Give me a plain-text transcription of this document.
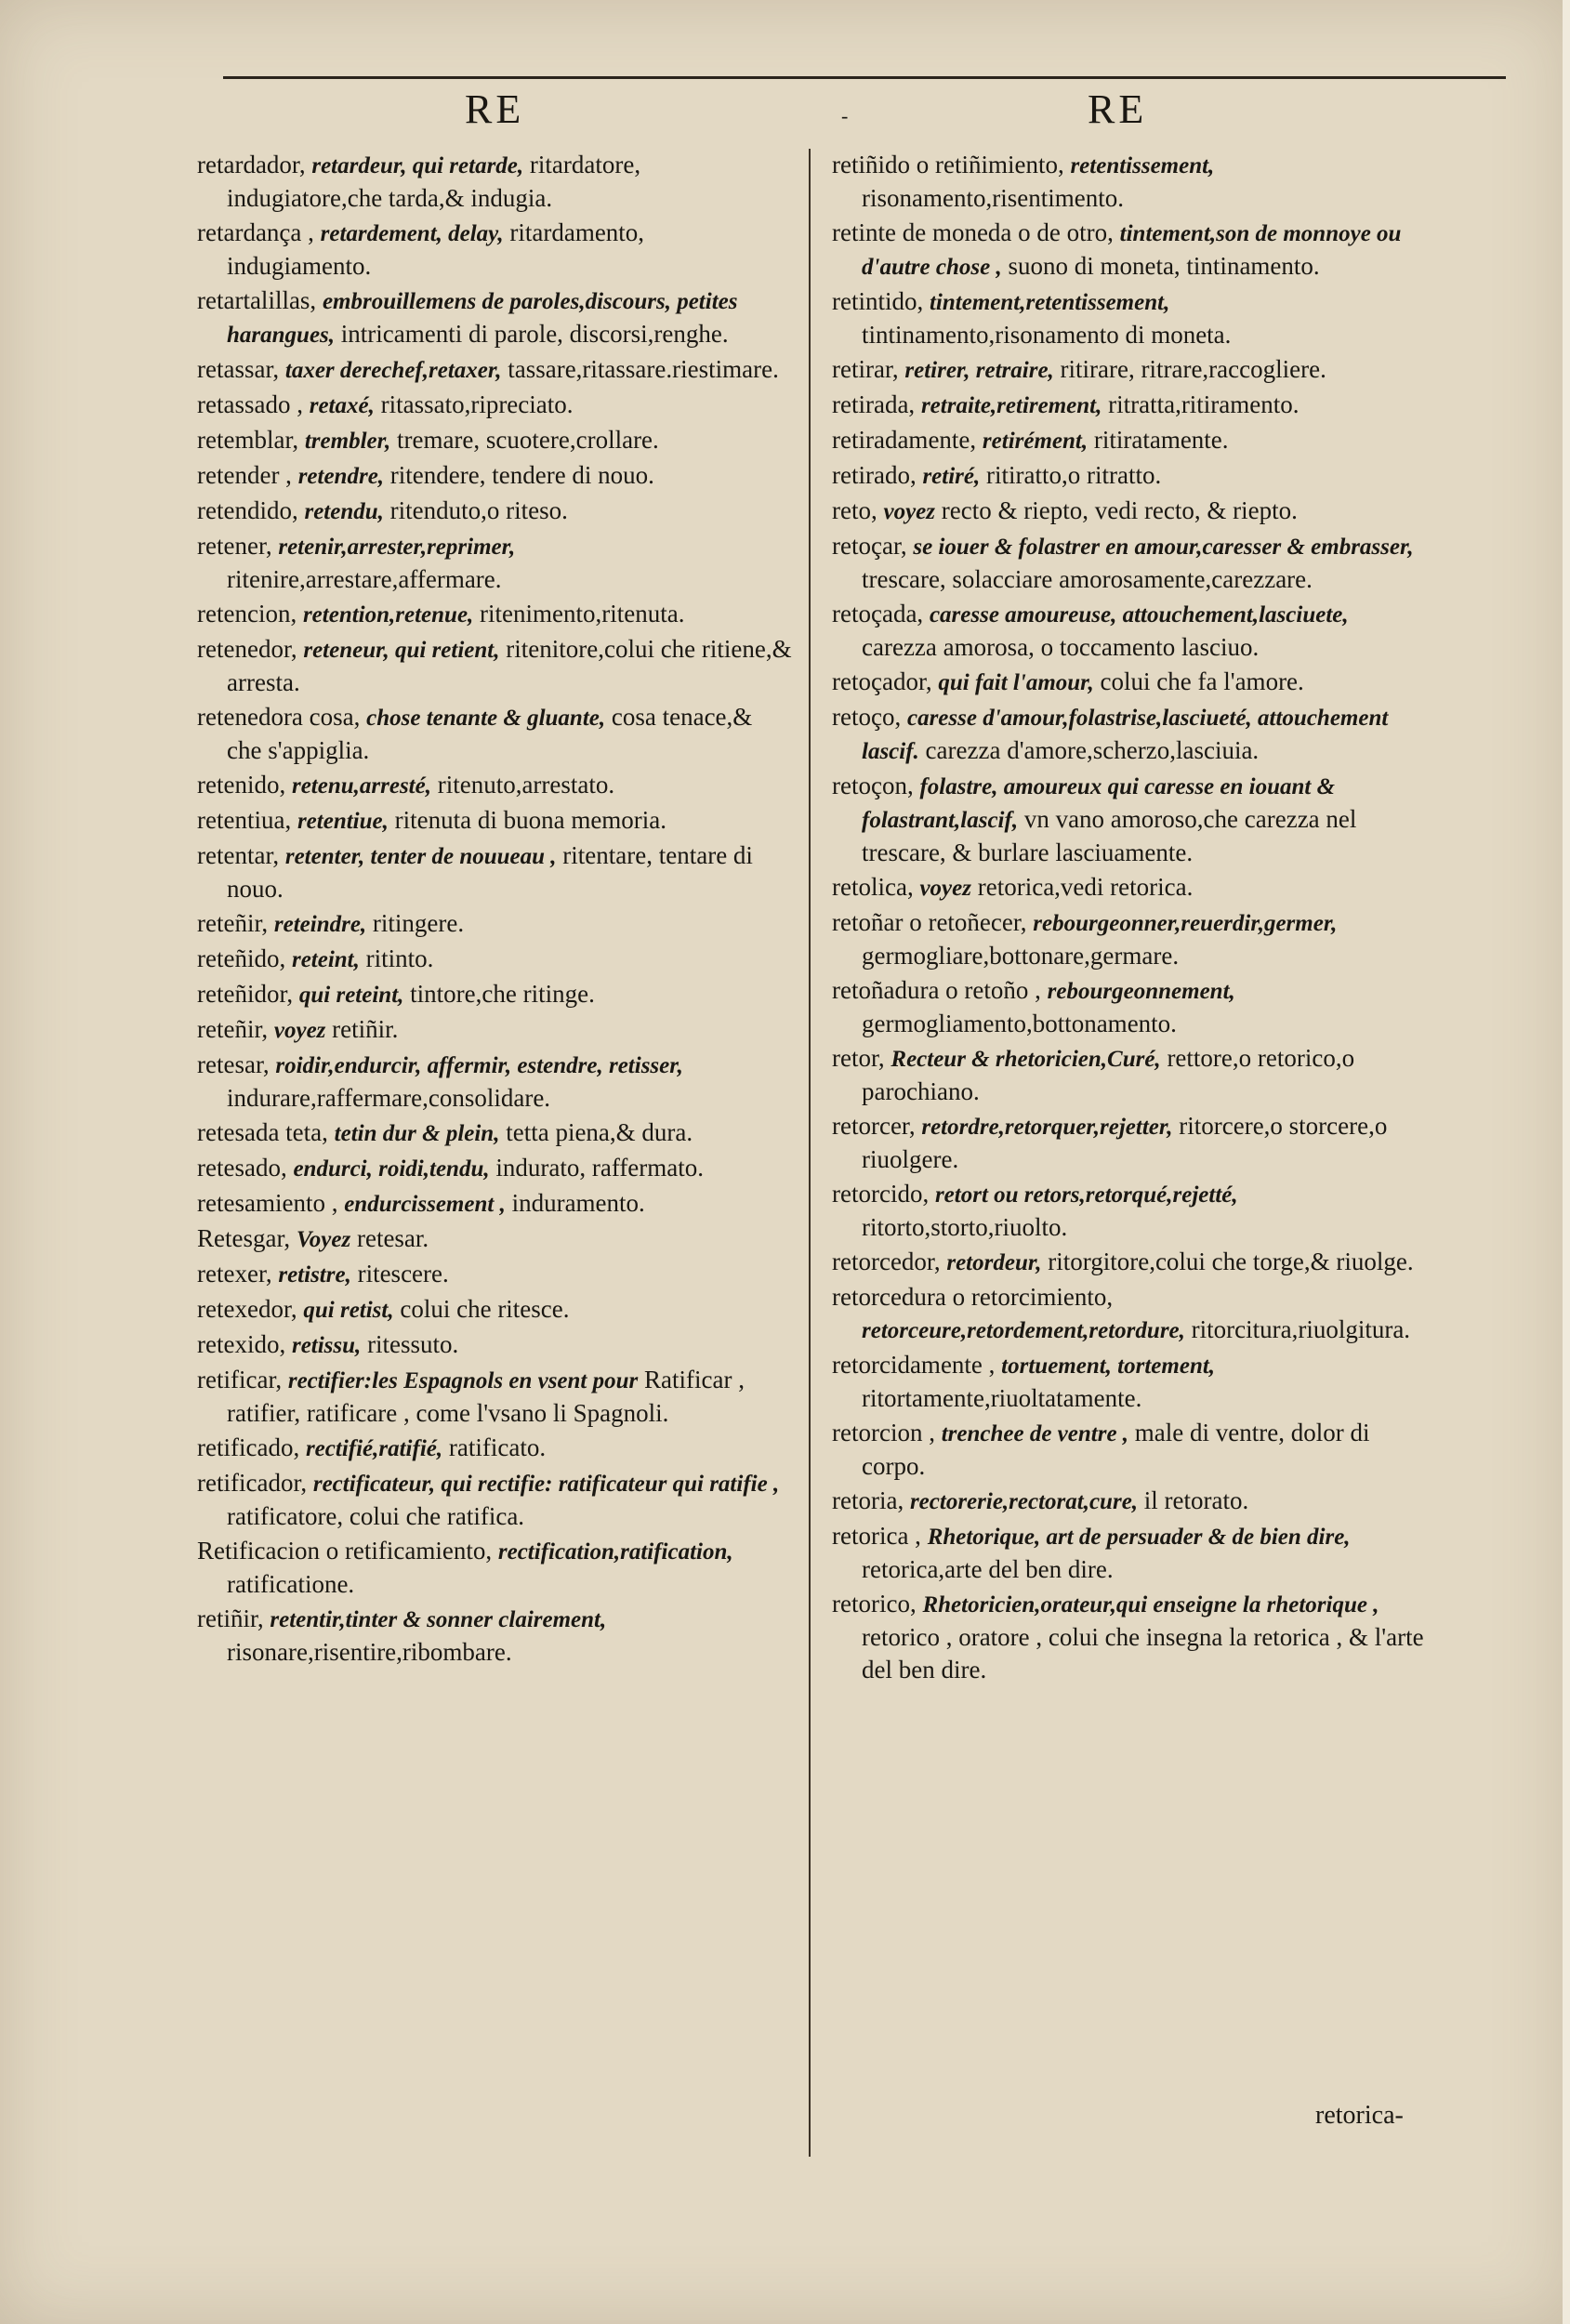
RE	-	RE

retardador, retardeur, qui retarde, ritardatore, indugiatore,che tarda,& indugia.

retardança , retardement, delay, ritardamento, indugiamento.

retartalillas, embrouillemens de paroles,discours, petites harangues, intricamenti di parole, discorsi,renghe.

retassar, taxer derechef,retaxer, tassare,ritassare.riestimare.

retassado , retaxé, ritassato,ripreciato.

retemblar, trembler, tremare, scuotere,crollare.

retender , retendre, ritendere, tendere di nouo.

retendido, retendu, ritenduto,o riteso.

retener, retenir,arrester,reprimer, ritenire,arrestare,affermare.

retencion, retention,retenue, ritenimento,ritenuta.

retenedor, reteneur, qui retient, ritenitore,colui che ritiene,& arresta.

retenedora cosa, chose tenante & gluante, cosa tenace,& che s'appiglia.

retenido, retenu,arresté, ritenuto,arrestato.

retentiua, retentiue, ritenuta di buona memoria.

retentar, retenter, tenter de nouueau , ritentare, tentare di nouo.

reteñir, reteindre, ritingere.

reteñido, reteint, ritinto.

reteñidor, qui reteint, tintore,che ritinge.

reteñir, voyez retiñir.

retesar, roidir,endurcir, affermir, estendre, retisser, indurare,raffermare,consolidare.

retesada teta, tetin dur & plein, tetta piena,& dura.

retesado, endurci, roidi,tendu, indurato, raffermato.

retesamiento , endurcissement , induramento.

Retesgar, Voyez retesar.

retexer, retistre, ritescere.

retexedor, qui retist, colui che ritesce.

retexido, retissu, ritessuto.

retificar, rectifier:les Espagnols en vsent pour Ratificar , ratifier, ratificare , come l'vsano li Spagnoli.

retificado, rectifié,ratifié, ratificato.

retificador, rectificateur, qui rectifie: ratificateur qui ratifie , ratificatore, colui che ratifica.

Retificacion o retificamiento, rectification,ratification, ratificatione.

retiñir, retentir,tinter & sonner clairement, risonare,risentire,ribombare.

retiñido o retiñimiento, retentissement, risonamento,risentimento.

retinte de moneda o de otro, tintement,son de monnoye ou d'autre chose , suono di moneta, tintinamento.

retintido, tintement,retentissement, tintinamento,risonamento di moneta.

retirar, retirer, retraire, ritirare, ritrare,raccogliere.

retirada, retraite,retirement, ritratta,ritiramento.

retiradamente, retirément, ritiratamente.

retirado, retiré, ritiratto,o ritratto.

reto, voyez recto & riepto, vedi recto, & riepto.

retoçar, se iouer & folastrer en amour,caresser & embrasser, trescare, solacciare amorosamente,carezzare.

retoçada, caresse amoureuse, attouchement,lasciuete, carezza amorosa, o toccamento lasciuo.

retoçador, qui fait l'amour, colui che fa l'amore.

retoço, caresse d'amour,folastrise,lasciueté, attouchement lascif. carezza d'amore,scherzo,lasciuia.

retoçon, folastre, amoureux qui caresse en iouant & folastrant,lascif, vn vano amoroso,che carezza nel trescare, & burlare lasciuamente.

retolica, voyez retorica,vedi retorica.

retoñar o retoñecer, rebourgeonner,reuerdir,germer, germogliare,bottonare,germare.

retoñadura o retoño , rebourgeonnement, germogliamento,bottonamento.

retor, Recteur & rhetoricien,Curé, rettore,o retorico,o parochiano.

retorcer, retordre,retorquer,rejetter, ritorcere,o storcere,o riuolgere.

retorcido, retort ou retors,retorqué,rejetté, ritorto,storto,riuolto.

retorcedor, retordeur, ritorgitore,colui che torge,& riuolge.

retorcedura o retorcimiento, retorceure,retordement,retordure, ritorcitura,riuolgitura.

retorcidamente , tortuement, tortement, ritortamente,riuoltatamente.

retorcion , trenchee de ventre , male di ventre, dolor di corpo.

retoria, rectorerie,rectorat,cure, il retorato.

retorica , Rhetorique, art de persuader & de bien dire, retorica,arte del ben dire.

retorico, Rhetoricien,orateur,qui enseigne la rhetorique , retorico , oratore , colui che insegna la retorica , & l'arte del ben dire.

retorica-
